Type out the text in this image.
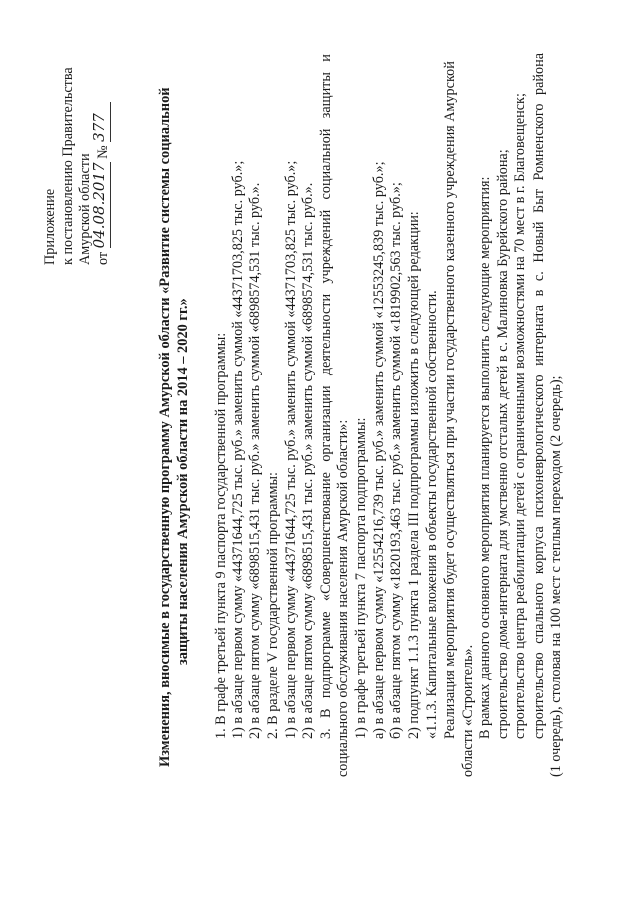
Приложение к постановлению Правительства Амурской области от 04.08.2017 № 377	Изменения, вносимые в государственную программу Амурской области «Развитие системы социальной защиты населения Амурской области на 2014 – 2020 гг.» 1. В графе третьей пункта 9 паспорта государственной программы: 1) в абзаце первом сумму «44371644,725 тыс. руб.» заменить суммой «44371703,825 тыс. руб.»; 2) в абзаце пятом сумму «6898515,431 тыс. руб.» заменить суммой «6898574,531 тыс. руб.». 2. В разделе V государственной программы: 1) в абзаце первом сумму «44371644,725 тыс. руб.» заменить суммой «44371703,825 тыс. руб.»; 2) в абзаце пятом сумму «6898515,431 тыс. руб.» заменить суммой «6898574,531 тыс. руб.». 3.
В
подпрограмме
«Совершенствование
организации
деятельности
учреждений
социальной
защиты
и
социального обслуживания населения Амурской области»: 1) в графе третьей пункта 7 паспорта подпрограммы: а) в абзаце первом сумму «12554216,739 тыс. руб.» заменить суммой «12553245,839 тыс. руб.»; б) в абзаце пятом сумму «1820193,463 тыс. руб.» заменить суммой «1819902,563 тыс. руб.»; 2) подпункт 1.1.3 пункта 1 раздела III подпрограммы изложить в следующей редакции: «1.1.3. Капитальные вложения в объекты государственной собственности. Реализация мероприятия будет осуществляться при участии государственного казенного учреждения Амурской области «Строитель». В рамках данного основного мероприятия планируется выполнить следующие мероприятия: строительство дома-интерната для умственно отсталых детей в с. Малиновка Бурейского района; строительство центра реабилитации детей с ограниченными возможностями на 70 мест в г. Благовещенск; строительство
спального
корпуса
психоневрологического
интерната
в
с.
Новый
Быт
Ромненского
района
(1 очередь), столовая на 100 мест с теплым переходом (2 очередь);
